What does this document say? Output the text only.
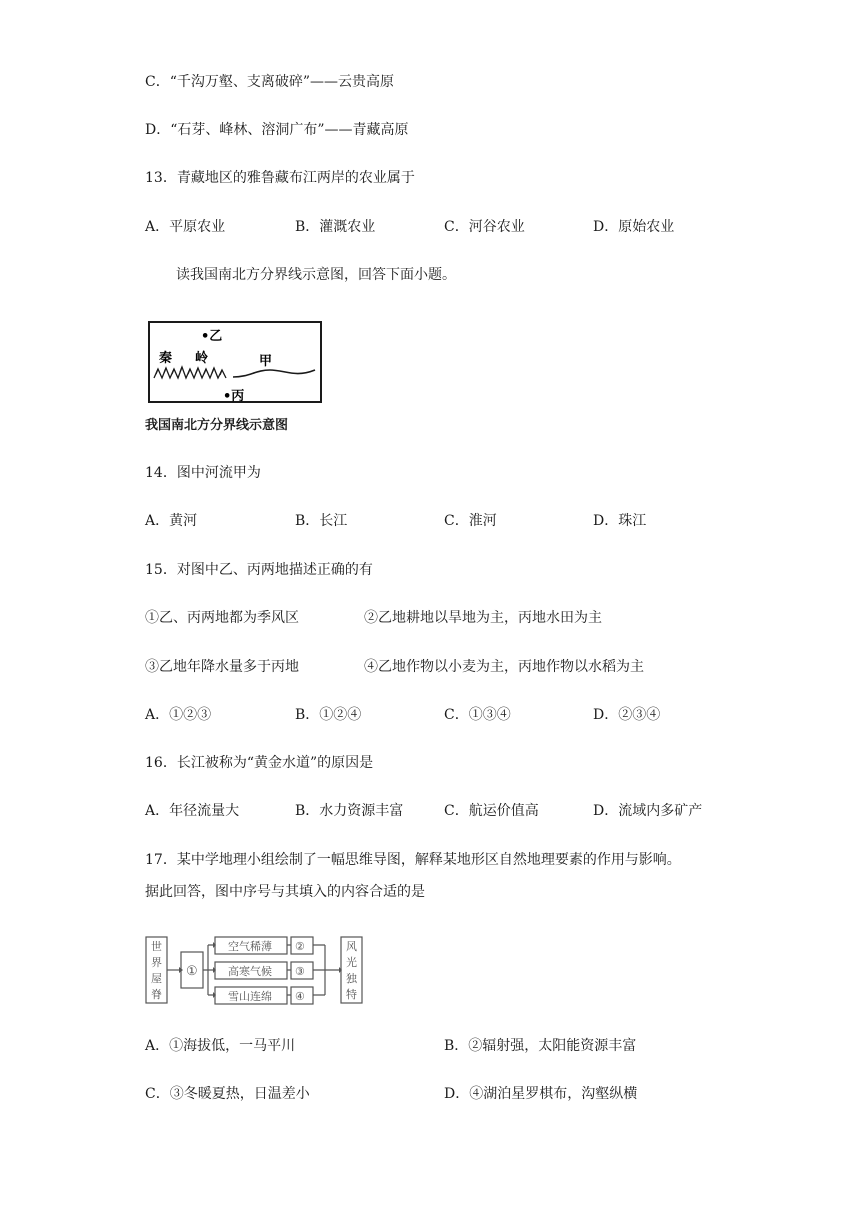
C．“千沟万壑、支离破碎”——云贵高原
D．“石芽、峰林、溶洞广布”——青藏高原
13．青藏地区的雅鲁藏布江两岸的农业属于
A．平原农业	B．灌溉农业	C．河谷农业	D．原始农业
读我国南北方分界线示意图，回答下面小题。
秦 岭	甲
•乙
•丙
我国南北方分界线示意图
14．图中河流甲为
A．黄河	B．长江	C．淮河	D．珠江
15．对图中乙、丙两地描述正确的有
①乙、丙两地都为季风区	②乙地耕地以旱地为主，丙地水田为主
③乙地年降水量多于丙地	④乙地作物以小麦为主，丙地作物以水稻为主
A．①②③	B．①②④	C．①③④	D．②③④
16．长江被称为“黄金水道”的原因是
A．年径流量大	B．水力资源丰富	C．航运价值高	D．流域内多矿产
17．某中学地理小组绘制了一幅思维导图，解释某地形区自然地理要素的作用与影响。
据此回答，图中序号与其填入的内容合适的是
世
界
屋
脊
①
空气稀薄
高寒气候
雪山连绵
②
③
④
风
光
独
特
A．①海拔低，一马平川	B．②辐射强，太阳能资源丰富
C．③冬暖夏热，日温差小	D．④湖泊星罗棋布，沟壑纵横
